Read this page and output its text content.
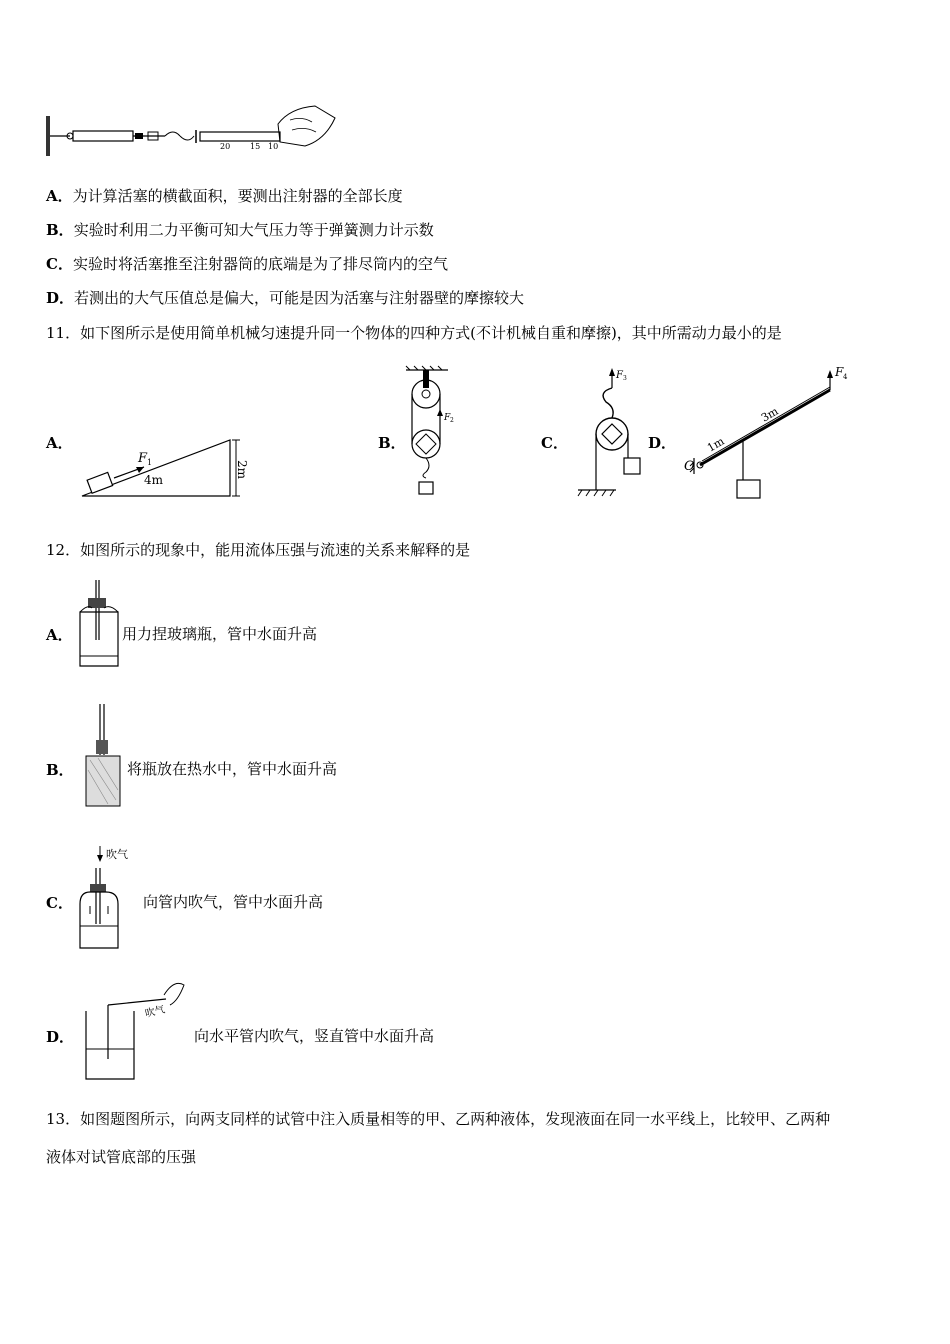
20 15 10
A．为计算活塞的横截面积，要测出注射器的全部长度
B．实验时利用二力平衡可知大气压力等于弹簧测力计示数
C．实验时将活塞推至注射器筒的底端是为了排尽筒内的空气
D．若测出的大气压值总是偏大，可能是因为活塞与注射器壁的摩擦较大
11．如下图所示是使用简单机械匀速提升同一个物体的四种方式(不计机械自重和摩擦)，其中所需动力最小的是
A．
F 1
4m
2m
B．
F 2
C．
F 3
D．
O
F 4
1m
3m
12．如图所示的现象中，能用流体压强与流速的关系来解释的是
A．	用力捏玻璃瓶，管中水面升高
B．	将瓶放在热水中，管中水面升高
C．
吹气
向管内吹气，管中水面升高
D．
吹气
向水平管内吹气，竖直管中水面升高
13．如图题图所示，向两支同样的试管中注入质量相等的甲、乙两种液体，发现液面在同一水平线上，比较甲、乙两种
液体对试管底部的压强
